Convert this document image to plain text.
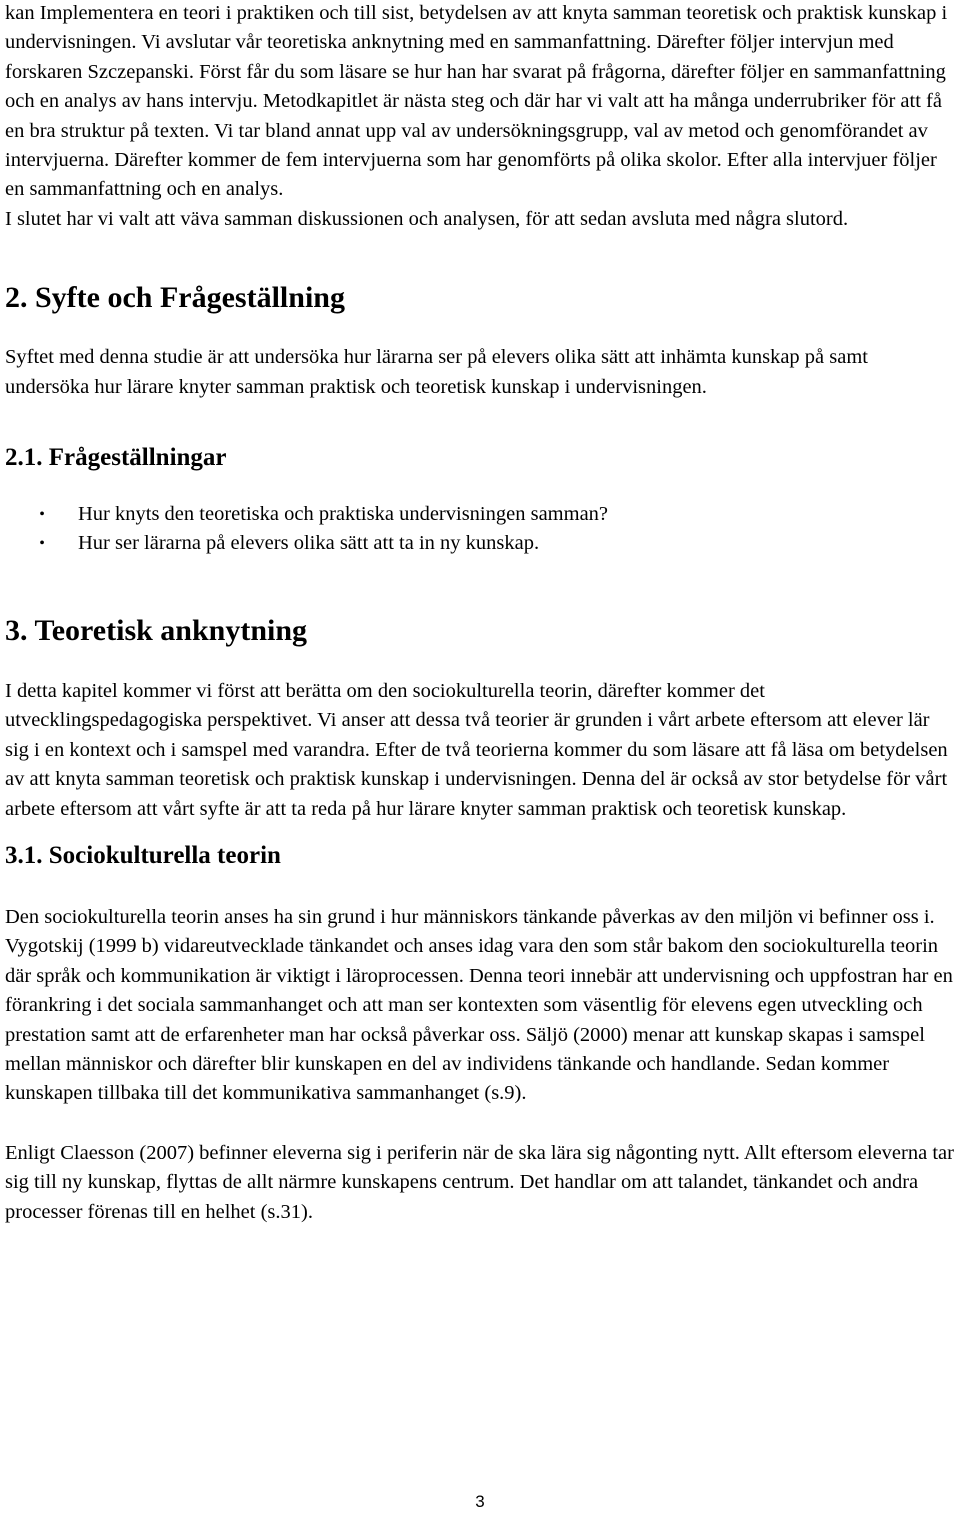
kan Implementera en teori i praktiken och till sist, betydelsen av att knyta samman teoretisk och praktisk kunskap i undervisningen. Vi avslutar vår teoretiska anknytning med en sammanfattning. Därefter följer intervjun med forskaren Szczepanski. Först får du som läsare se hur han har svarat på frågorna, därefter följer en sammanfattning och en analys av hans intervju. Metodkapitlet är nästa steg och där har vi valt att ha många underrubriker för att få en bra struktur på texten. Vi tar bland annat upp val av undersökningsgrupp, val av metod och genomförandet av intervjuerna. Därefter kommer de fem intervjuerna som har genomförts på olika skolor. Efter alla intervjuer följer en sammanfattning och en analys.

I slutet har vi valt att väva samman diskussionen och analysen, för att sedan avsluta med några slutord.

2. Syfte och Frågeställning

Syftet med denna studie är att undersöka hur lärarna ser på elevers olika sätt att inhämta kunskap på samt undersöka hur lärare knyter samman praktisk och teoretisk kunskap i undervisningen.

2.1. Frågeställningar
•	Hur knyts den teoretiska och praktiska undervisningen samman?
•	Hur ser lärarna på elevers olika sätt att ta in ny kunskap.
3. Teoretisk anknytning

I detta kapitel kommer vi först att berätta om den sociokulturella teorin, därefter kommer det utvecklingspedagogiska perspektivet. Vi anser att dessa två teorier är grunden i vårt arbete eftersom att elever lär sig i en kontext och i samspel med varandra. Efter de två teorierna kommer du som läsare att få läsa om betydelsen av att knyta samman teoretisk och praktisk kunskap i undervisningen. Denna del är också av stor betydelse för vårt arbete eftersom att vårt syfte är att ta reda på hur lärare knyter samman praktisk och teoretisk kunskap.

3.1. Sociokulturella teorin

Den sociokulturella teorin anses ha sin grund i hur människors tänkande påverkas av den miljön vi befinner oss i. Vygotskij (1999 b) vidareutvecklade tänkandet och anses idag vara den som står bakom den sociokulturella teorin där språk och kommunikation är viktigt i läroprocessen. Denna teori innebär att undervisning och uppfostran har en förankring i det sociala sammanhanget och att man ser kontexten som väsentlig för elevens egen utveckling och prestation samt att de erfarenheter man har också påverkar oss. Säljö (2000) menar att kunskap skapas i samspel mellan människor och därefter blir kunskapen en del av individens tänkande och handlande. Sedan kommer kunskapen tillbaka till det kommunikativa sammanhanget (s.9).

Enligt Claesson (2007) befinner eleverna sig i periferin när de ska lära sig någonting nytt. Allt eftersom eleverna tar sig till ny kunskap, flyttas de allt närmre kunskapens centrum. Det handlar om att talandet, tänkandet och andra processer förenas till en helhet (s.31).

3
